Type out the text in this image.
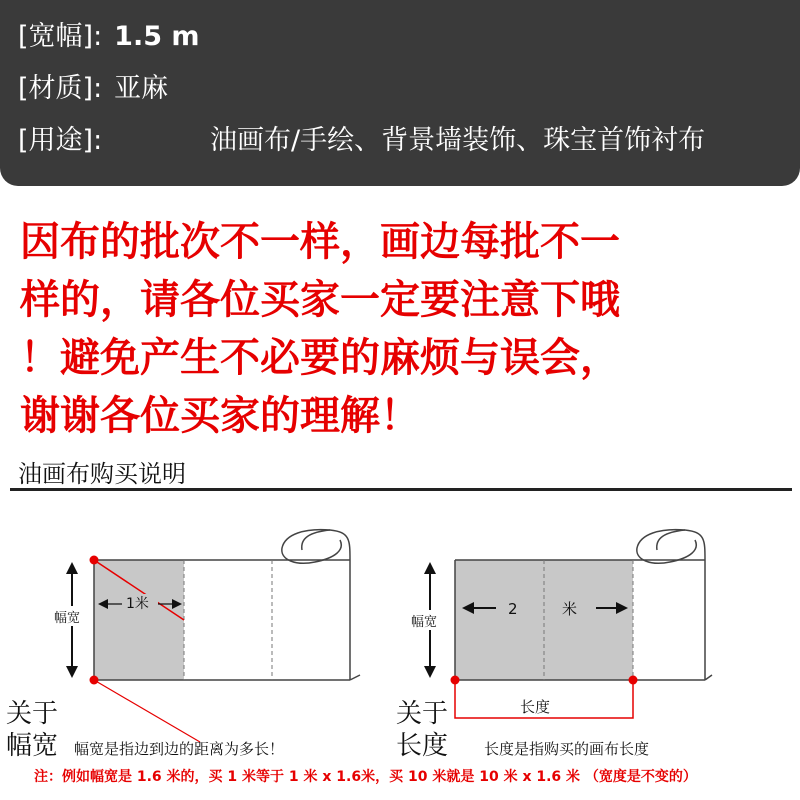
[宽幅]: 1.5 m
[材质]: 亚麻
[用途]:	油画布/手绘、背景墙装饰、珠宝首饰衬布
因布的批次不一样，画边每批不一
样的，请各位买家一定要注意下哦
！避免产生不必要的麻烦与误会，
谢谢各位买家的理解！
油画布购买说明
幅宽
1米
幅宽
2	米
长度
关于
幅宽 幅宽是指边到边的距离为多长！
关于
长度 长度是指购买的画布长度
注：例如幅宽是 1.6 米的，买 1 米等于 1 米 x 1.6米，买 10 米就是 10 米 x 1.6 米 （宽度是不变的）
